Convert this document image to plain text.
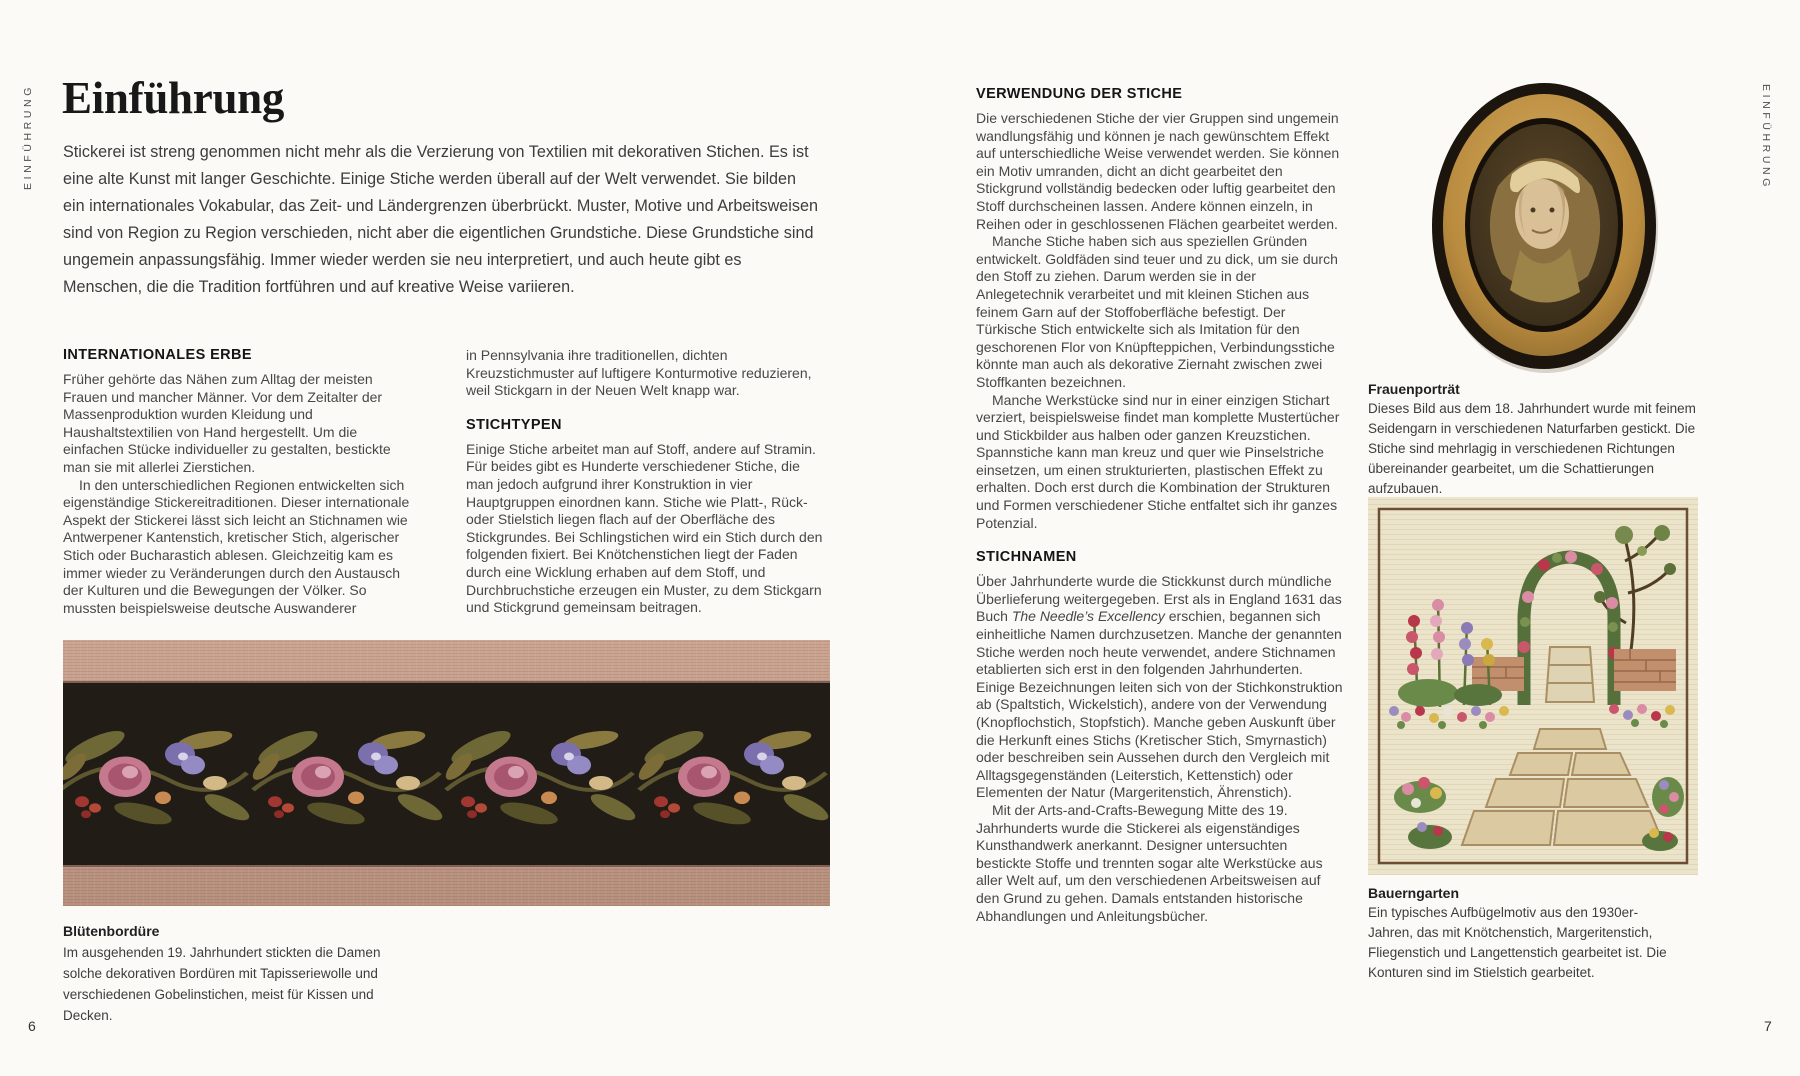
EINFÜHRUNG	EINFÜHRUNG
6	7
Einführung

Stickerei ist streng genommen nicht mehr als die Verzierung von Textilien mit dekorativen Stichen. Es ist eine alte Kunst mit langer Geschichte. Einige Stiche werden überall auf der Welt verwendet. Sie bilden ein internationales Vokabular, das Zeit- und Ländergrenzen überbrückt. Muster, Motive und Arbeitsweisen sind von Region zu Region verschieden, nicht aber die eigentlichen Grundstiche. Diese Grundstiche sind ungemein anpassungsfähig. Immer wieder werden sie neu interpretiert, und auch heute gibt es Menschen, die die Tradition fortführen und auf kreative Weise variieren.

INTERNATIONALES ERBE

Früher gehörte das Nähen zum Alltag der meisten Frauen und mancher Männer. Vor dem Zeitalter der Massenproduktion wurden Kleidung und Haushaltstextilien von Hand hergestellt. Um die einfachen Stücke individueller zu gestalten, bestickte man sie mit allerlei Zierstichen.

In den unterschiedlichen Regionen entwickelten sich eigenständige Stickereitraditionen. Dieser internationale Aspekt der Stickerei lässt sich leicht an Stichnamen wie Antwerpener Kantenstich, kretischer Stich, algerischer Stich oder Bucharastich ablesen. Gleichzeitig kam es immer wieder zu Veränderungen durch den Austausch der Kulturen und die Bewegungen der Völker. So mussten beispielsweise deutsche Auswanderer

in Pennsylvania ihre traditionellen, dichten Kreuzstichmuster auf luftigere Konturmotive reduzieren, weil Stickgarn in der Neuen Welt knapp war.

STICHTYPEN

Einige Stiche arbeitet man auf Stoff, andere auf Stramin. Für beides gibt es Hunderte verschiedener Stiche, die man jedoch aufgrund ihrer Konstruktion in vier Hauptgruppen einordnen kann. Stiche wie Platt-, Rück- oder Stielstich liegen flach auf der Oberfläche des Stickgrundes. Bei Schlingstichen wird ein Stich durch den folgenden fixiert. Bei Knötchenstichen liegt der Faden durch eine Wicklung erhaben auf dem Stoff, und Durchbruchstiche erzeugen ein Muster, zu dem Stickgarn und Stickgrund gemeinsam beitragen.

Blütenbordüre
Im ausgehenden 19. Jahrhundert stickten die Damen solche dekorativen Bordüren mit Tapisseriewolle und verschiedenen Gobelinstichen, meist für Kissen und Decken.
VERWENDUNG DER STICHE

Die verschiedenen Stiche der vier Gruppen sind ungemein wandlungsfähig und können je nach gewünschtem Effekt auf unterschiedliche Weise verwendet werden. Sie können ein Motiv umranden, dicht an dicht gearbeitet den Stickgrund vollständig bedecken oder luftig gearbeitet den Stoff durchscheinen lassen. Andere können einzeln, in Reihen oder in geschlossenen Flächen gearbeitet werden.

Manche Stiche haben sich aus speziellen Gründen entwickelt. Goldfäden sind teuer und zu dick, um sie durch den Stoff zu ziehen. Darum werden sie in der Anlegetechnik verarbeitet und mit kleinen Stichen aus feinem Garn auf der Stoffoberfläche befestigt. Der Türkische Stich entwickelte sich als Imitation für den geschorenen Flor von Knüpfteppichen, Verbindungsstiche könnte man auch als dekorative Ziernaht zwischen zwei Stoffkanten bezeichnen.

Manche Werkstücke sind nur in einer einzigen Stichart verziert, beispielsweise findet man komplette Mustertücher und Stickbilder aus halben oder ganzen Kreuzstichen. Spannstiche kann man kreuz und quer wie Pinselstriche einsetzen, um einen strukturierten, plastischen Effekt zu erhalten. Doch erst durch die Kombination der Strukturen und Formen verschiedener Stiche entfaltet sich ihr ganzes Potenzial.

STICHNAMEN

Über Jahrhunderte wurde die Stickkunst durch mündliche Überlieferung weitergegeben. Erst als in England 1631 das Buch The Needle’s Excellency erschien, begannen sich einheitliche Namen durchzusetzen. Manche der genannten Stiche werden noch heute verwendet, andere Stichnamen etablierten sich erst in den folgenden Jahrhunderten. Einige Bezeichnungen leiten sich von der Stichkonstruktion ab (Spaltstich, Wickelstich), andere von der Verwendung (Knopflochstich, Stopfstich). Manche geben Auskunft über die Herkunft eines Stichs (Kretischer Stich, Smyrnastich) oder beschreiben sein Aussehen durch den Vergleich mit Alltagsgegenständen (Leiterstich, Kettenstich) oder Elementen der Natur (Margeritenstich, Ährenstich).

Mit der Arts-and-Crafts-Bewegung Mitte des 19. Jahrhunderts wurde die Stickerei als eigenständiges Kunsthandwerk anerkannt. Designer untersuchten bestickte Stoffe und trennten sogar alte Werkstücke aus aller Welt auf, um den verschiedenen Arbeitsweisen auf den Grund zu gehen. Damals entstanden historische Abhandlungen und Anleitungsbücher.

Frauenporträt
Dieses Bild aus dem 18. Jahrhundert wurde mit feinem Seidengarn in verschiedenen Naturfarben gestickt. Die Stiche sind mehrlagig in verschiedenen Richtungen übereinander gearbeitet, um die Schattierungen aufzubauen.
Bauerngarten
Ein typisches Aufbügelmotiv aus den 1930er-Jahren, das mit Knötchenstich, Margeritenstich, Fliegenstich und Langettenstich gearbeitet ist. Die Konturen sind im Stielstich gearbeitet.
